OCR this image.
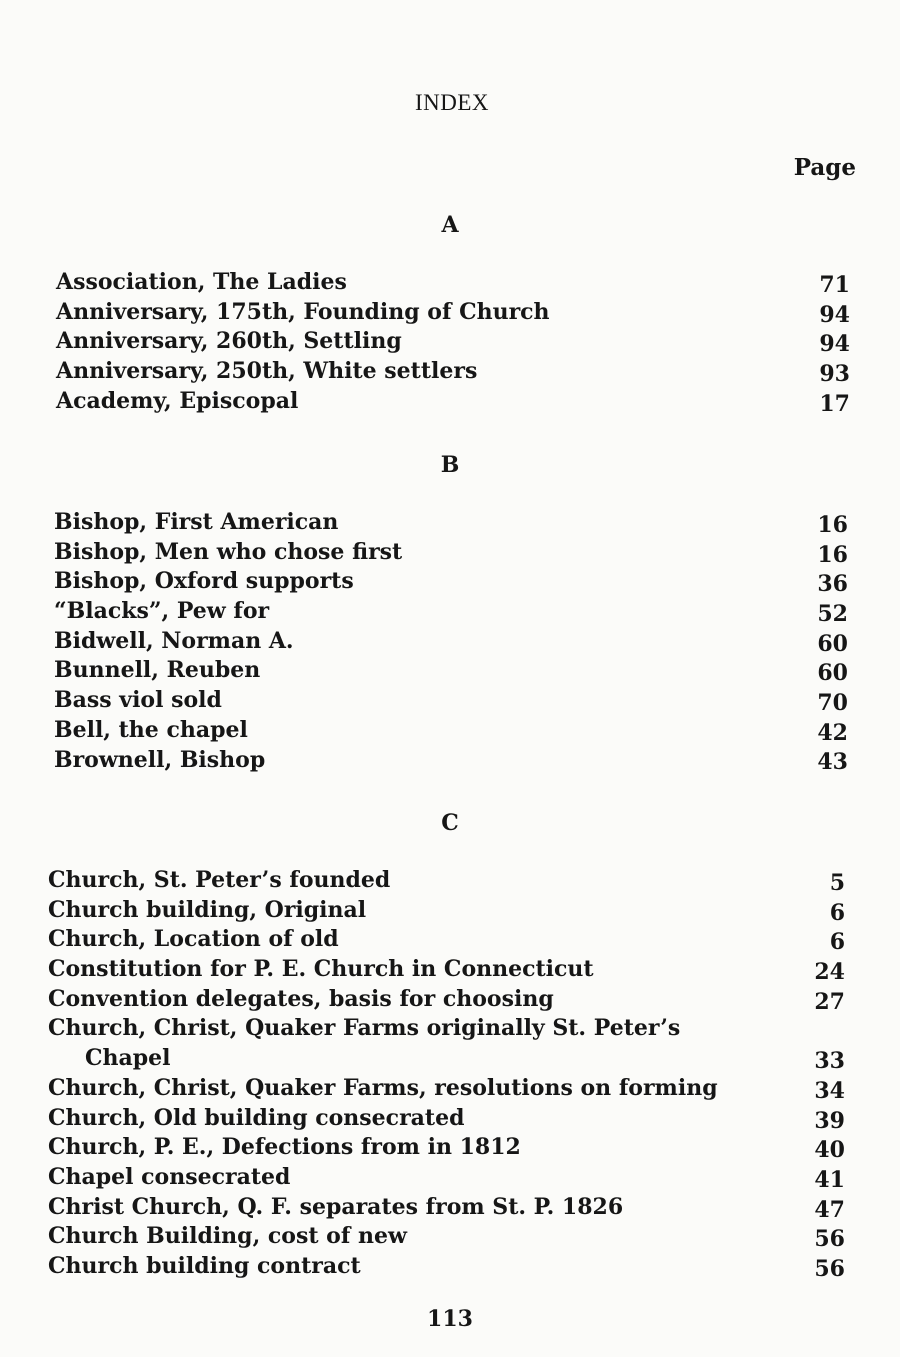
INDEX
Page
A
Association, The Ladies	71
Anniversary, 175th, Founding of Church	94
Anniversary, 260th, Settling	94
Anniversary, 250th, White settlers	93
Academy, Episcopal	17
B
Bishop, First American	16
Bishop, Men who chose first	16
Bishop, Oxford supports	36
“Blacks”, Pew for	52
Bidwell, Norman A.	60
Bunnell, Reuben	60
Bass viol sold	70
Bell, the chapel	42
Brownell, Bishop	43
C
Church, St. Peter’s founded	5
Church building, Original	6
Church, Location of old	6
Constitution for P. E. Church in Connecticut	24
Convention delegates, basis for choosing	27
Church, Christ, Quaker Farms originally St. Peter’s
Chapel	33
Church, Christ, Quaker Farms, resolutions on forming	34
Church, Old building consecrated	39
Church, P. E., Defections from in 1812	40
Chapel consecrated	41
Christ Church, Q. F. separates from St. P. 1826	47
Church Building, cost of new	56
Church building contract	56
113
